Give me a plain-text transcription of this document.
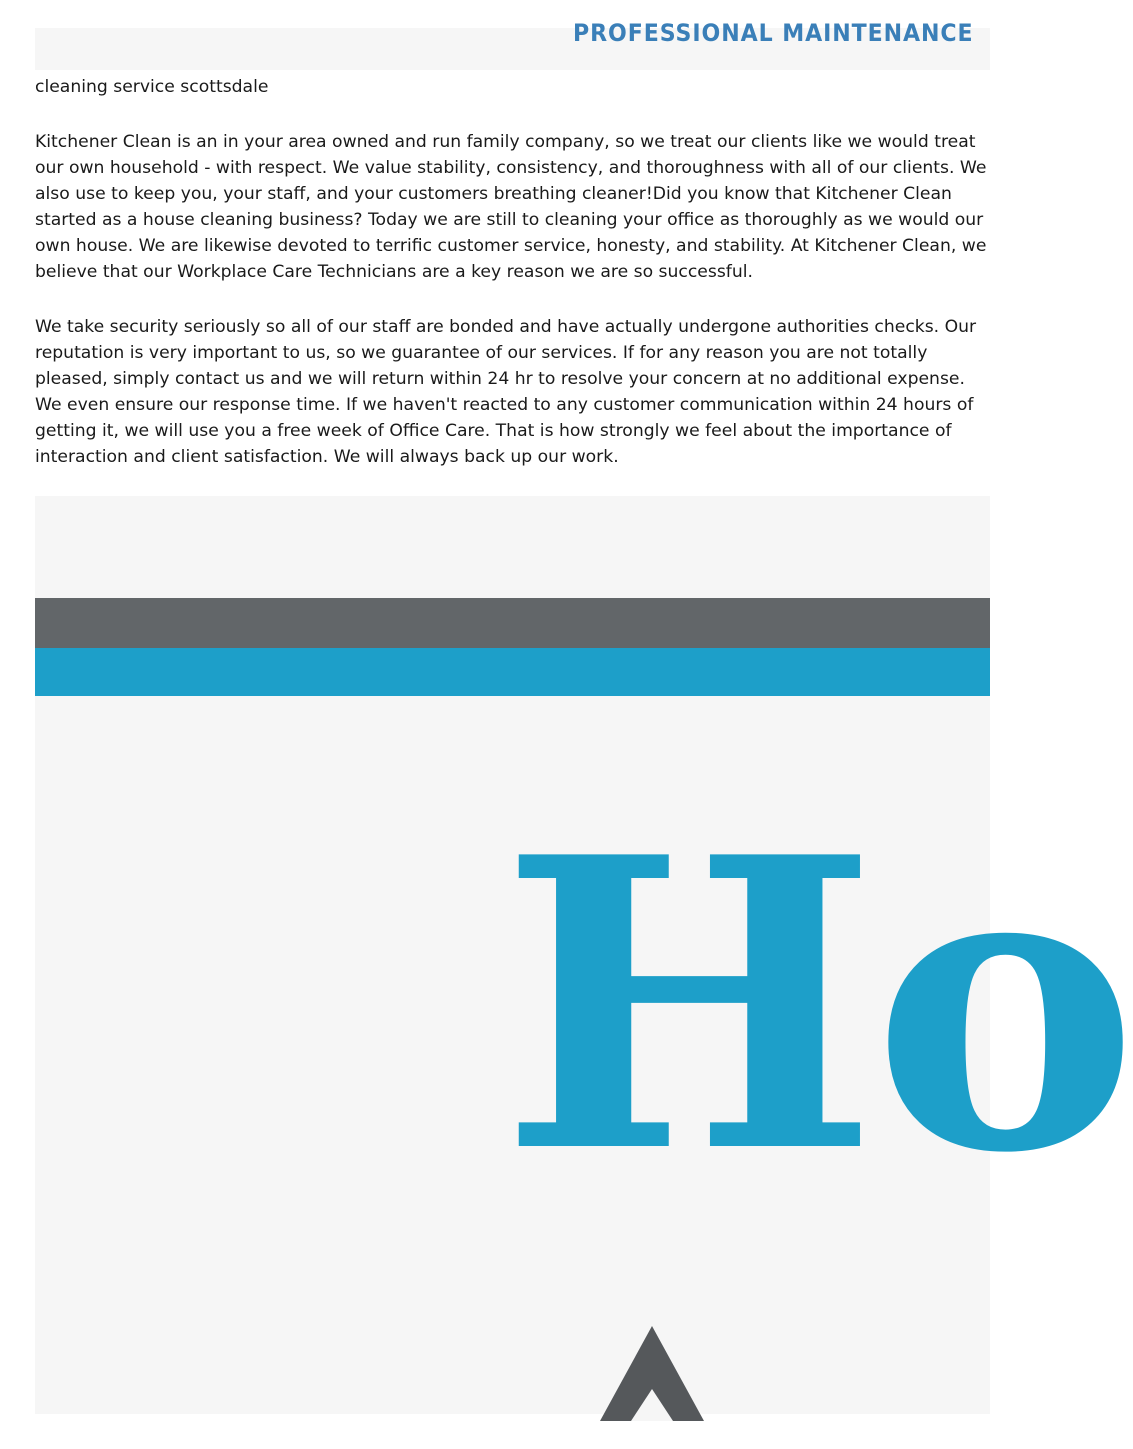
PROFESSIONAL MAINTENANCE

cleaning service scottsdale

Kitchener Clean is an in your area owned and run family company, so we treat our clients like we would treat our own household - with respect. We value stability, consistency, and thoroughness with all of our clients. We also use to keep you, your staff, and your customers breathing cleaner!Did you know that Kitchener Clean started as a house cleaning business? Today we are still to cleaning your office as thoroughly as we would our own house. We are likewise devoted to terrific customer service, honesty, and stability. At Kitchener Clean, we believe that our Workplace Care Technicians are a key reason we are so successful.

We take security seriously so all of our staff are bonded and have actually undergone authorities checks. Our reputation is very important to us, so we guarantee of our services. If for any reason you are not totally pleased, simply contact us and we will return within 24 hr to resolve your concern at no additional expense. We even ensure our response time. If we haven't reacted to any customer communication within 24 hours of getting it, we will use you a free week of Office Care. That is how strongly we feel about the importance of interaction and client satisfaction. We will always back up our work.

Ho
